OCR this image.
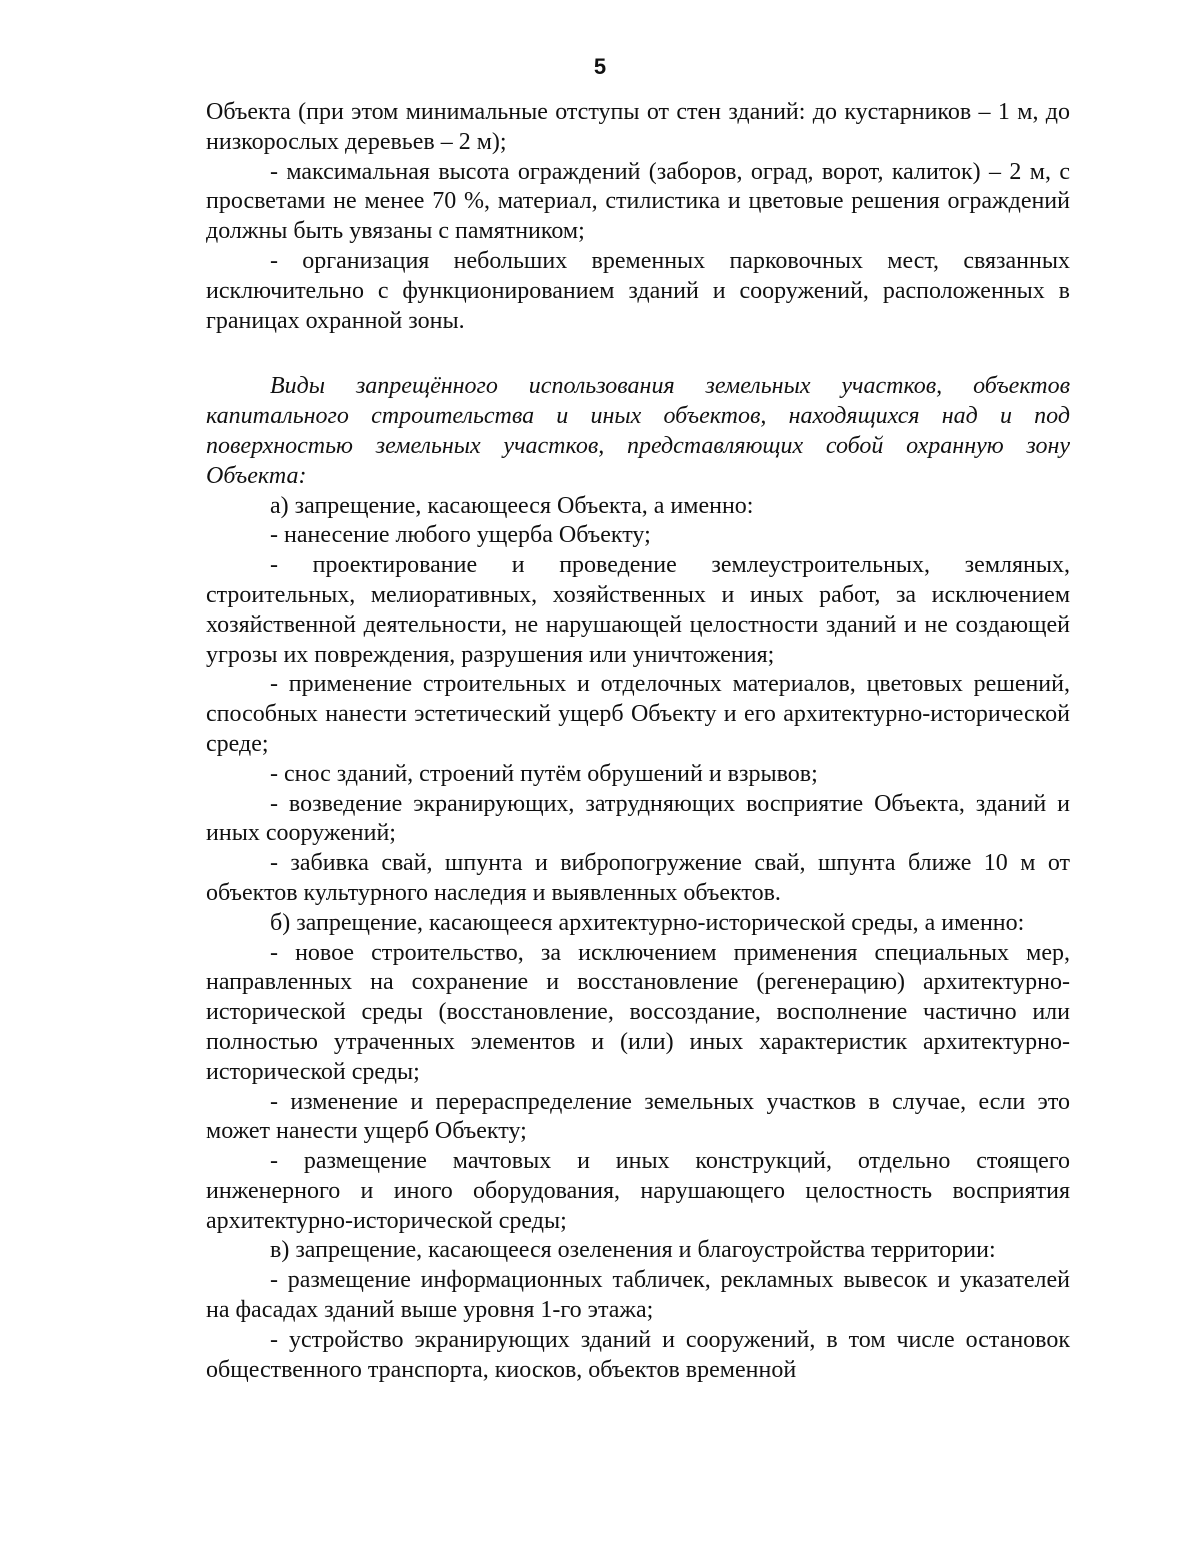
5

Объекта (при этом минимальные отступы от стен зданий: до кустарников – 1 м, до низкорослых деревьев – 2 м);

- максимальная высота ограждений (заборов, оград, ворот, калиток) – 2 м, с просветами не менее 70 %, материал, стилистика и цветовые решения ограждений должны быть увязаны с памятником;

- организация небольших временных парковочных мест, связанных исключительно с функционированием зданий и сооружений, расположенных в границах охранной зоны.

Виды запрещённого использования земельных участков, объектов капитального строительства и иных объектов, находящихся над и под поверхностью земельных участков, представляющих собой охранную зону Объекта:

а) запрещение, касающееся Объекта, а именно:

- нанесение любого ущерба Объекту;

- проектирование и проведение землеустроительных, земляных, строительных, мелиоративных, хозяйственных и иных работ, за исключением хозяйственной деятельности, не нарушающей целостности зданий и не создающей угрозы их повреждения, разрушения или уничтожения;

- применение строительных и отделочных материалов, цветовых решений, способных нанести эстетический ущерб Объекту и его архитектурно-исторической среде;

- снос зданий, строений путём обрушений и взрывов;

- возведение экранирующих, затрудняющих восприятие Объекта, зданий и иных сооружений;

- забивка свай, шпунта и вибропогружение свай, шпунта ближе 10 м от объектов культурного наследия и выявленных объектов.

б) запрещение, касающееся архитектурно-исторической среды, а именно:

- новое строительство, за исключением применения специальных мер, направленных на сохранение и восстановление (регенерацию) архитектурно-исторической среды (восстановление, воссоздание, восполнение частично или полностью утраченных элементов и (или) иных характеристик архитектурно-исторической среды;

- изменение и перераспределение земельных участков в случае, если это может нанести ущерб Объекту;

- размещение мачтовых и иных конструкций, отдельно стоящего инженерного и иного оборудования, нарушающего целостность восприятия архитектурно-исторической среды;

в) запрещение, касающееся озеленения и благоустройства территории:

- размещение информационных табличек, рекламных вывесок и указателей на фасадах зданий выше уровня 1-го этажа;

- устройство экранирующих зданий и сооружений, в том числе остановок общественного транспорта, киосков, объектов временной
